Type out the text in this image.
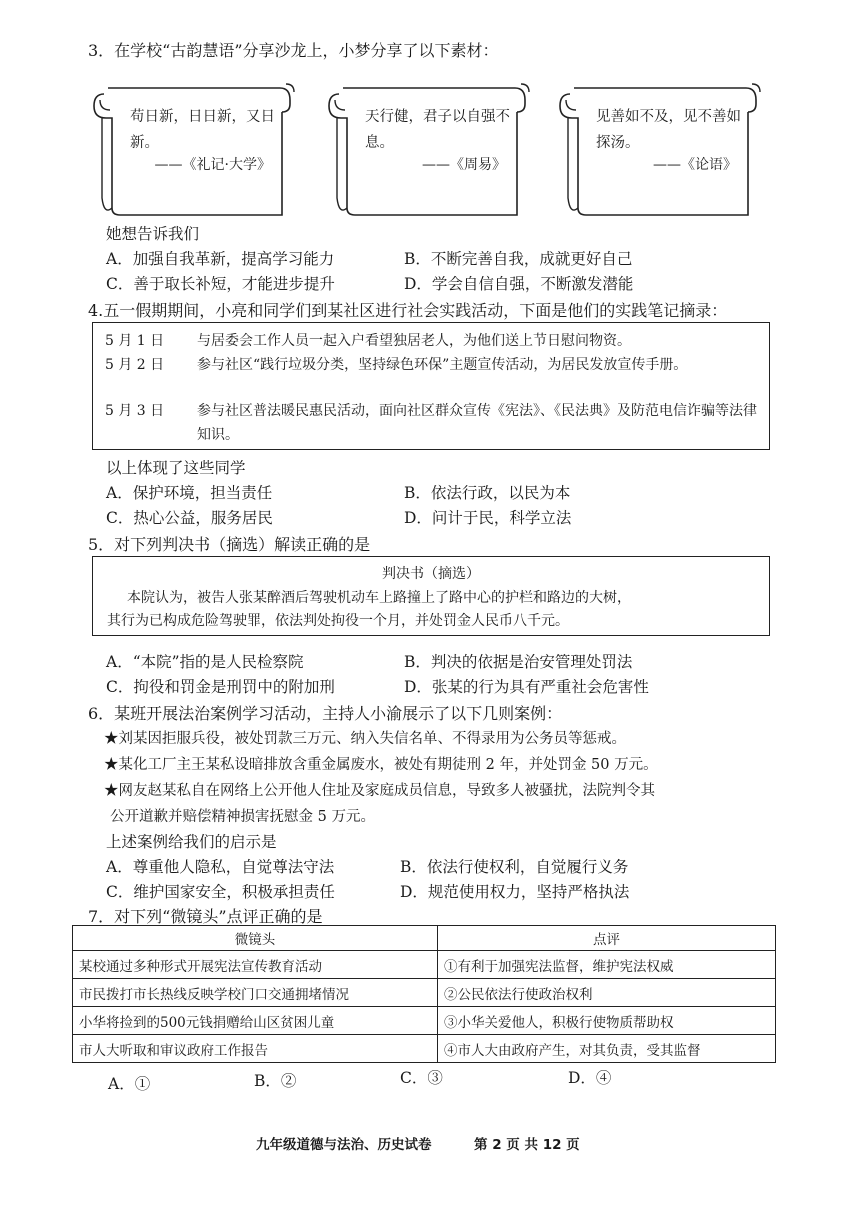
3．在学校“古韵慧语”分享沙龙上，小梦分享了以下素材：
苟日新，日日新，又日新。
——《礼记·大学》
天行健，君子以自强不息。
——《周易》
见善如不及，见不善如探汤。
——《论语》
她想告诉我们
A．加强自我革新，提高学习能力	B．不断完善自我，成就更好自己
C．善于取长补短，才能进步提升	D．学会自信自强，不断激发潜能
4.五一假期期间，小亮和同学们到某社区进行社会实践活动，下面是他们的实践笔记摘录：
5 月 1 日	与居委会工作人员一起入户看望独居老人，为他们送上节日慰问物资。
5 月 2 日	参与社区“践行垃圾分类，坚持绿色环保”主题宣传活动，为居民发放宣传手册。
5 月 3 日	参与社区普法暖民惠民活动，面向社区群众宣传《宪法》、《民法典》及防范电信诈骗等法律知识。
以上体现了这些同学
A．保护环境，担当责任	B．依法行政，以民为本
C．热心公益，服务居民	D．问计于民，科学立法
5．对下列判决书（摘选）解读正确的是
判决书（摘选）
本院认为，被告人张某醉酒后驾驶机动车上路撞上了路中心的护栏和路边的大树，
其行为已构成危险驾驶罪，依法判处拘役一个月，并处罚金人民币八千元。
A．“本院”指的是人民检察院	B．判决的依据是治安管理处罚法
C．拘役和罚金是刑罚中的附加刑	D．张某的行为具有严重社会危害性
6．某班开展法治案例学习活动，主持人小渝展示了以下几则案例：
★刘某因拒服兵役，被处罚款三万元、纳入失信名单、不得录用为公务员等惩戒。
★某化工厂主王某私设暗排放含重金属废水，被处有期徒刑 2 年，并处罚金 50 万元。
★网友赵某私自在网络上公开他人住址及家庭成员信息，导致多人被骚扰，法院判令其
公开道歉并赔偿精神损害抚慰金 5 万元。
上述案例给我们的启示是
A．尊重他人隐私，自觉尊法守法	B．依法行使权利，自觉履行义务
C．维护国家安全，积极承担责任	D．规范使用权力，坚持严格执法
7．对下列“微镜头”点评正确的是
微镜头	点评
某校通过多种形式开展宪法宣传教育活动	①有利于加强宪法监督，维护宪法权威
市民拨打市长热线反映学校门口交通拥堵情况	②公民依法行使政治权利
小华将捡到的500元钱捐赠给山区贫困儿童	③小华关爱他人，积极行使物质帮助权
市人大听取和审议政府工作报告	④市人大由政府产生，对其负责，受其监督
A．①	B．②	C．③	D．④
九年级道德与法治、历史试卷	第 2 页 共 12 页
